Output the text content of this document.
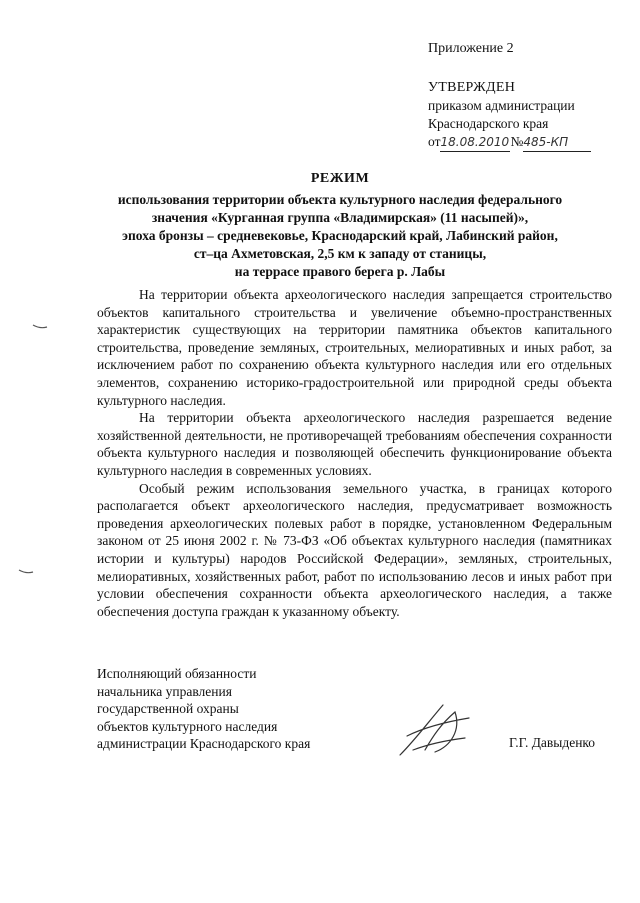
Приложение 2
УТВЕРЖДЕН
приказом администрации
Краснодарского края
от18.08.2010№485-КП
РЕЖИМ
использования территории объекта культурного наследия федерального
значения «Курганная группа «Владимирская» (11 насыпей)»,
эпоха бронзы – средневековье, Краснодарский край, Лабинский район,
ст–ца Ахметовская, 2,5 км к западу от станицы,
на террасе правого берега р. Лабы

На территории объекта археологического наследия запрещается строительство объектов капитального строительства и увеличение объемно-пространственных характеристик существующих на территории памятника объектов капитального строительства, проведение земляных, строительных, мелиоративных и иных работ, за исключением работ по сохранению объекта культурного наследия или его отдельных элементов, сохранению историко-градостроительной или природной среды объекта культурного наследия.

На территории объекта археологического наследия разрешается ведение хозяйственной деятельности, не противоречащей требованиям обеспечения сохранности объекта культурного наследия и позволяющей обеспечить функционирование объекта культурного наследия в современных условиях.

Особый режим использования земельного участка, в границах которого располагается объект археологического наследия, предусматривает возможность проведения археологических полевых работ в порядке, установленном Федеральным законом от 25 июня 2002 г. № 73-ФЗ «Об объектах культурного наследия (памятниках истории и культуры) народов Российской Федерации», земляных, строительных, мелиоративных, хозяйственных работ, работ по использованию лесов и иных работ при условии обеспечения сохранности объекта археологического наследия, а также обеспечения доступа граждан к указанному объекту.

Исполняющий обязанности
начальника управления
государственной охраны
объектов культурного наследия
администрации Краснодарского края	Г.Г. Давыденко
